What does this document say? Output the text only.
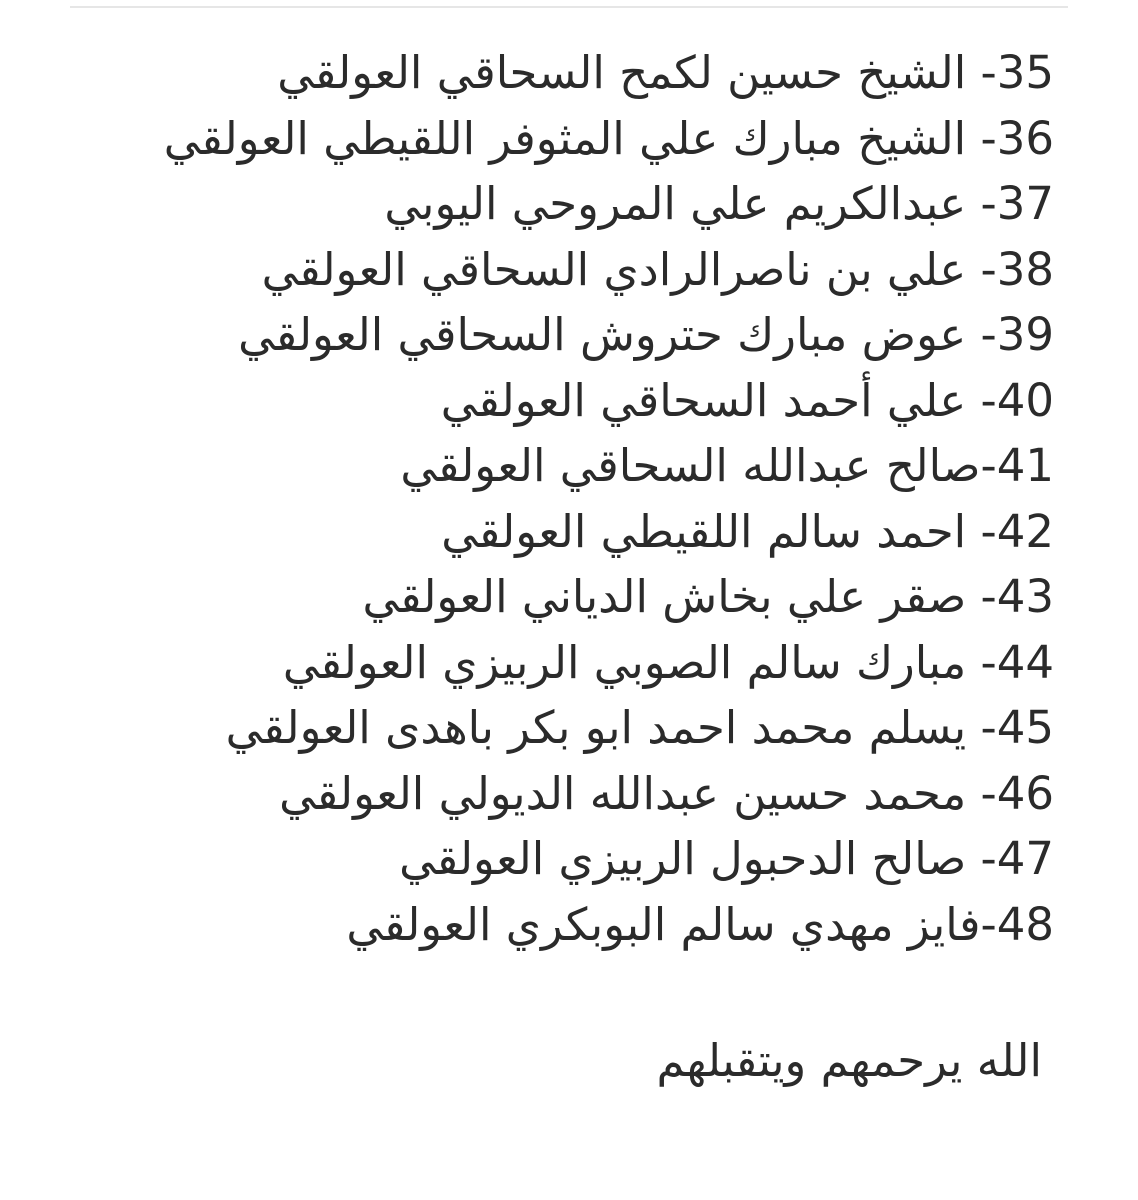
35- الشيخ حسين لكمح السحاقي العولقي
36- الشيخ مبارك علي المثوفر اللقيطي العولقي
37- عبدالكريم علي المروحي اليوبي
38- علي بن ناصرالرادي السحاقي العولقي
39- عوض مبارك حتروش السحاقي العولقي
40- علي أحمد السحاقي العولقي
41-صالح عبدالله السحاقي العولقي
42- احمد سالم اللقيطي العولقي
43- صقر علي بخاش الدياني العولقي
44- مبارك سالم الصوبي الربيزي العولقي
45- يسلم محمد احمد ابو بكر باهدى العولقي
46- محمد حسين عبدالله الديولي العولقي
47- صالح الدحبول الربيزي العولقي
48-فايز مهدي سالم البوبكري العولقي
الله يرحمهم ويتقبلهم
